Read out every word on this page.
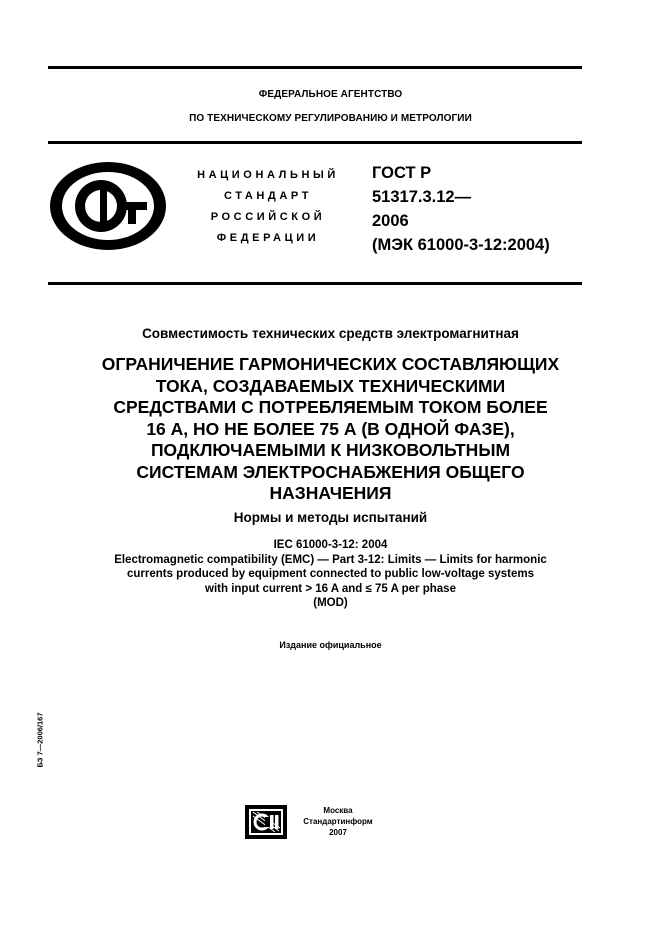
ФЕДЕРАЛЬНОЕ АГЕНТСТВО
ПО ТЕХНИЧЕСКОМУ РЕГУЛИРОВАНИЮ И МЕТРОЛОГИИ
НАЦИОНАЛЬНЫЙ
СТАНДАРТ
РОССИЙСКОЙ
ФЕДЕРАЦИИ
ГОСТ Р
51317.3.12—
2006
(МЭК 61000-3-12:2004)
Совместимость технических средств электромагнитная
ОГРАНИЧЕНИЕ ГАРМОНИЧЕСКИХ СОСТАВЛЯЮЩИХ
ТОКА, СОЗДАВАЕМЫХ ТЕХНИЧЕСКИМИ
СРЕДСТВАМИ С ПОТРЕБЛЯЕМЫМ ТОКОМ БОЛЕЕ
16 А, НО НЕ БОЛЕЕ 75 А (В ОДНОЙ ФАЗЕ),
ПОДКЛЮЧАЕМЫМИ К НИЗКОВОЛЬТНЫМ
СИСТЕМАМ ЭЛЕКТРОСНАБЖЕНИЯ ОБЩЕГО
НАЗНАЧЕНИЯ
Нормы и методы испытаний
IEC 61000-3-12: 2004
Electromagnetic compatibility (EMC) — Part 3-12: Limits — Limits for harmonic
currents produced by equipment connected to public low-voltage systems
with input current > 16 A and ≤ 75 A per phase
(MOD)
Издание официальное
БЗ 7—2006/167
Москва
Стандартинформ
2007
